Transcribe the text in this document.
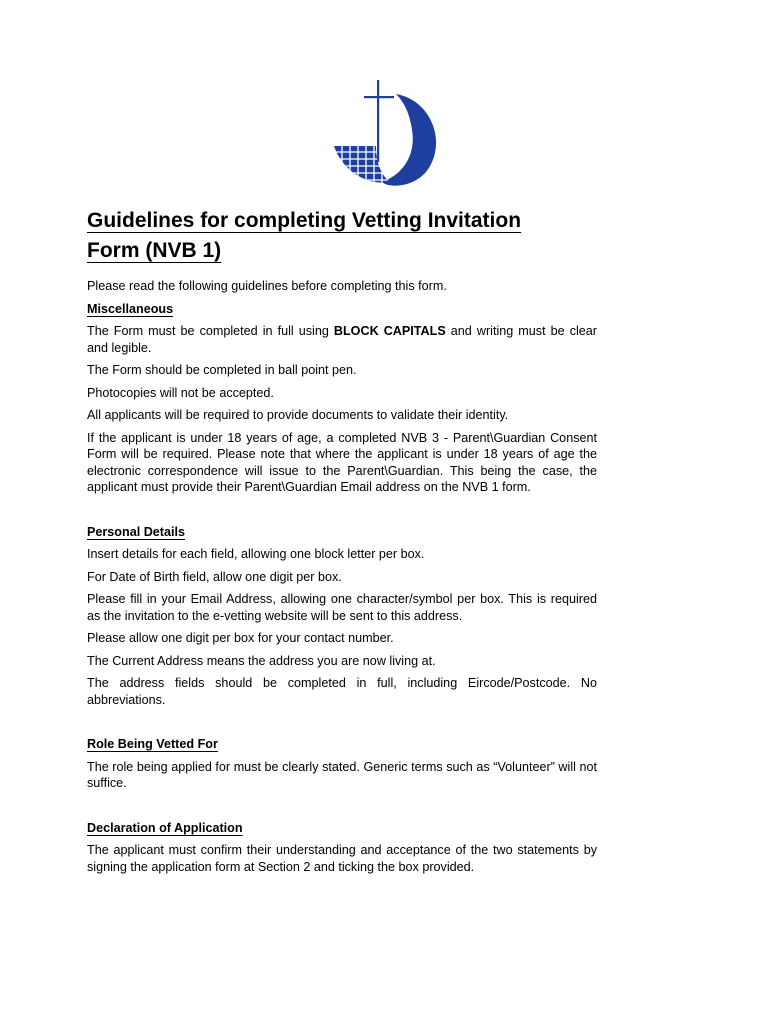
Guidelines for completing Vetting Invitation
Form (NVB 1)

Please read the following guidelines before completing this form.

Miscellaneous

The Form must be completed in full using BLOCK CAPITALS and writing must be clear and legible.

The Form should be completed in ball point pen.

Photocopies will not be accepted.

All applicants will be required to provide documents to validate their identity.

If the applicant is under 18 years of age, a completed NVB 3 - Parent\Guardian Consent Form will be required. Please note that where the applicant is under 18 years of age the electronic correspondence will issue to the Parent\Guardian. This being the case, the applicant must provide their Parent\Guardian Email address on the NVB 1 form.

Personal Details

Insert details for each field, allowing one block letter per box.

For Date of Birth field, allow one digit per box.

Please fill in your Email Address, allowing one character/symbol per box. This is required as the invitation to the e-vetting website will be sent to this address.

Please allow one digit per box for your contact number.

The Current Address means the address you are now living at.

The address fields should be completed in full, including Eircode/Postcode. No abbreviations.

Role Being Vetted For

The role being applied for must be clearly stated. Generic terms such as “Volunteer” will not suffice.

Declaration of Application

The applicant must confirm their understanding and acceptance of the two statements by signing the application form at Section 2 and ticking the box provided.
